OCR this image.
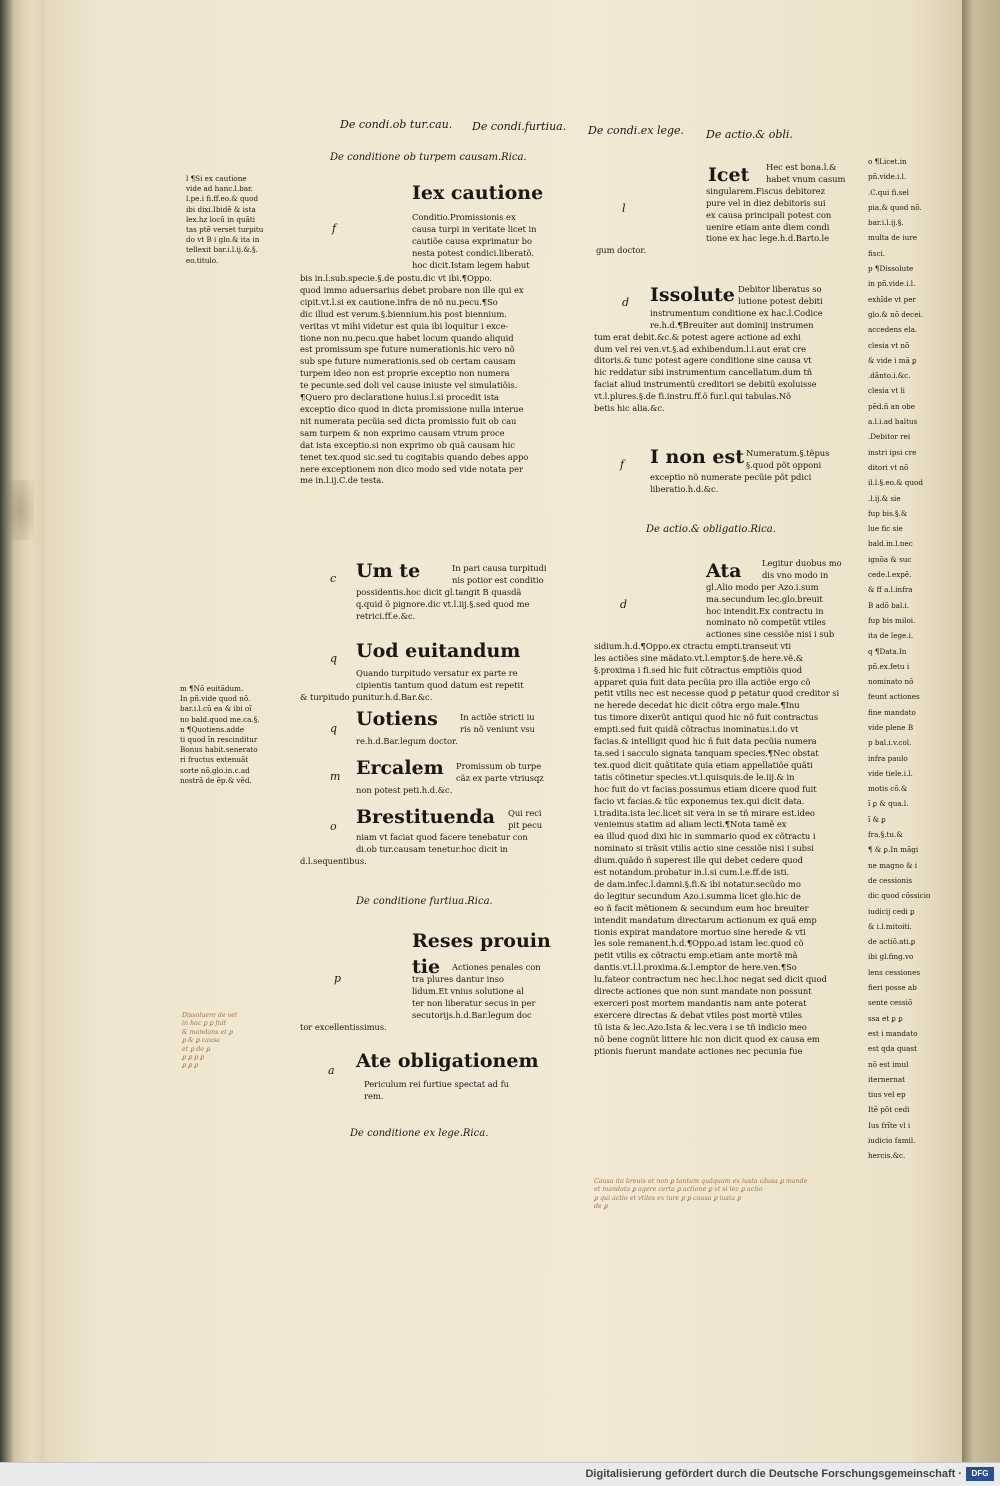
De condi.ob tur.cau. De condi.furtiua. De condi.ex lege. De actio.& obli.

l ¶Si ex cautione

vide ad hanc.l.bar.

l.pe.i fi.ff.eo.& quod

ibi dixi.Ibidẽ & ista

lex.hz locũ in quãti

tas ptẽ verset turpitu

do vt B i glo.& ita in

tellexit bar.i.l.ij.&.§.

eo.titulo.

m ¶Nõ euitãdum.

In pñ.vide quod nõ.

bar.i.l.cũ ea & ibi oĩ

no bald.quod me.ca.§.

n ¶Quotiens.adde

ti quod ĩn rescinditur

Bonus habit.senerato

ri fructus extenuãt

sorte nõ.glo.in.c.ad

nostrã de ẽp.& vẽd.

Dissoluere de vel

in hac ꝑ ꝑ fuit

& mandans et ꝑ

ꝑ & ꝑ causa

et ꝑ de ꝑ

ꝑ ꝑ ꝑ ꝑ

ꝑ ꝑ ꝑ

De conditione ob turpem causam.Rica.
f
Iex cautione

Conditio.Promissionis ex

causa turpi in veritate licet in

cautiõe causa exprimatur bo

nesta potest condici.liberatõ.

hoc dicit.Istam legem habut

bis in.l.sub.specie.§.de postu.dic vt ibi.¶Oppo.

quod immo aduersarius debet probare non ille qui ex

cipit.vt.l.si ex cautione.infra de nõ nu.pecu.¶So

dic illud est verum.§.biennium.his post biennium.

veritas vt mihi videtur est quia ibi loquitur i exce-

tione non nu.pecu.que habet locum quando aliquid

est promissum spe future numerationis.hic vero nõ

sub spe future numerationis.sed ob certam causam

turpem ideo non est proprie exceptio non numera

te pecunie.sed doli vel cause iniuste vel simulatiõis.

¶Quero pro declaratione huius.l.si procedit ista

exceptio dico quod in dicta promissione nulla interue

nit numerata pecũia sed dicta promissio fuit ob cau

sam turpem & non exprimo causam vtrum proce

dat ista exceptio.si non exprimo ob quã causam hic

tenet tex.quod sic.sed tu cogitabis quando debes appo

nere exceptionem non dico modo sed vide notata per

me in.l.ij.C.de testa.

c Um te	In pari causa turpitudi

nis potior est conditio

possidentis.hoc dicit gl.tangit B quasdã

q.quid õ pignore.dic vt.l.iij.§.sed quod me

retrici.ff.e.&c.

q Uod euitandum

Quando turpitudo versatur ex parte re

cipientis tantum quod datum est repetit

& turpitudo punitur.h.d.Bar.&c.

q Uotiens	In actiõe stricti iu

ris nõ veniunt vsu

re.h.d.Bar.legum doctor.

m Ercalem	Promissum ob turpe

cãz ex parte vtriusqz

non potest peti.h.d.&c.

o Brestituenda	Qui reci

pit pecu

niam vt faciat quod facere tenebatur con

di.ob tur.causam tenetur.hoc dicit in

d.l.sequentibus.

De conditione furtiua.Rica.
p
Reses prouin
tie	Actiones penales con

tra plures dantur inso

lidum.Et vnius solutione al

ter non liberatur secus in per

secutorijs.h.d.Bar.legum doc

tor excellentissimus.

a Ate obligationem

Periculum rei furtiue spectat ad fu

rem.

De conditione ex lege.Rica.
l
Icet	Hec est bona.l.&

habet vnum casum

singularem.Fiscus debitorez

pure vel in diez debitoris sui

ex causa principali potest con

uenire etiam ante diem condi

tione ex hac lege.h.d.Barto.le

gum doctor.

d Issolute Debitor liberatus so

lutione potest debiti

instrumentum conditione ex hac.l.Codice

re.h.d.¶Breuiter aut dominij instrumen

tum erat debit.&c.& potest agere actione ad exhi

dum vel rei ven.vt.§.ad exhibendum.l.i.aut erat cre

ditoris.& tunc potest agere conditione sine causa vt

hic reddatur sibi instrumentum cancellatum.dum tñ

faciat aliud instrumentũ creditori se debitũ exoluisse

vt.l.plures.§.de fi.instru.ff.õ fur.l.qui tabulas.Nõ

betis hic alia.&c.

f I non est Numeratum.§.tẽpus

§.quod põt opponi

exceptio nõ numerate pecũie põt pdici

liberatio.h.d.&c.

De actio.& obligatio.Rica.
d
Ata	Legitur duobus mo

dis vno modo in

gl.Alio modo per Azo.i.sum

ma.secundum lec.glo.breuit

hoc intendit.Ex contractu in

nominato nõ competũt vtiles

actiones sine cessiõe nisi i sub

sidium.h.d.¶Oppo.ex ctractu empti.transeut vti

les actiões sine mãdato.vt.l.emptor.§.de here.vẽ.&

§.proxima i fi.sed hic fuit cõtractus emptiõis quod

apparet quia fuit data pecũia pro illa actiõe ergo cõ

petit vtilis nec est necesse quod ꝑ petatur quod creditor si

ne herede decedat hic dicit cõtra ergo male.¶Inu

tus timore dixerũt antiqui quod hic nõ fuit contractus

empti.sed fuit quidã cõtractus inominatus.i.do vt

facias.& intelligit quod hic ñ fuit data pecũia numera

ta.sed i sacculo signata tanquam species.¶Nec obstat

tex.quod dicit quãtitate quia etiam appellatiõe quãti

tatis cõtinetur species.vt.l.quisquis.de le.iij.& in

hoc fuit do vt facias.possumus etiam dicere quod fuit

facio vt facias.& tũc exponemus tex.qui dicit data.

i.tradita.ista lec.licet sit vera in se tñ mirare est.ideo

veniemus statim ad aliam lecti.¶Nota tamẽ ex

ea illud quod dixi hic in summario quod ex cõtractu i

nominato si trãsit vtilis actio sine cessiõe nisi i subsi

dium.quãdo ñ superest ille qui debet cedere quod

est notandum.probatur in.l.si cum.l.e.ff.de isti.

de dam.infec.l.damni.§.fi.& ibi notatur.secũdo mo

do legitur secundum Azo.i.summa licet glo.hic de

eo ñ facit mẽtionem & secundum eum hoc breuiter

intendit mandatum directarum actionum ex quã emp

tionis expirat mandatore mortuo sine herede & vti

les sole remanent.h.d.¶Oppo.ad istam lec.quod cõ

petit vtilis ex cõtractu emp.etiam ante mortẽ mã

dantis.vt.l.l.proxima.&.l.emptor de here.ven.¶So

lu.fateor contractum nec hec.l.hoc negat sed dicit quod

directe actiones que non sunt mandate non possunt

exerceri post mortem mandantis nam ante poterat

exercere directas & debat vtiles post mortẽ vtiles

tũ ista & lec.Azo.Ista & lec.vera i se tñ indicio meo

nõ bene cognũt littere hic non dicit quod ex causa em

ptionis fuerunt mandate actiones nec pecunia fue

Causa ita breuis et non ꝑ tantum quãquam ex iusta cãusa ꝑ mande

et mandata ꝑ agere certa ꝑ actione ꝑ vt si lec ꝑ actio

ꝑ qui actio et vtiles ex iure ꝑ ꝑ causa ꝑ iusta ꝑ

de ꝑ

o ¶Licet.in

pñ.vide.i.l.

.C.qui fi.sel

pia.& quod nõ.

bar.i.l.ij.§.

multa de iure

fisci.

p ¶Dissolute

in pñ.vide.i.l.

exhĩde vt per

glo.& nõ decei.

accedens ela.

clesia vt nõ

& vide i mã ꝑ

.dãnto.i.&c.

clesia vt li

pẽd.ñ an obe

a.l.i.ad baltus

.Debitor rei

instri ipsi cre

ditori vt nõ

il.l.§.eo.& quod

.l.ij.& sie

fup bis.§.&

lue fic sie

bald.in.l.nec

ignõa & suc

cede.l.expẽ.

& ff a.l.infra

B adõ bal.i.

fup bis miloi.

ita de lege.i.

q ¶Data.In

pñ.ex.fetu i

nominato nõ

feunt actiones

fine mandato

vide plene B

p bal.i.v.col.

infra paulo

vide tiele.i.l.

motis cõ.&

ĩ ꝑ & qua.l.

ĩ & ꝑ

fra.§.tu.&

¶ & ꝑ.In mãgi

ne magno & i

de cessionis

dic quod cõssicio

iudicij cedi ꝑ

& i.l.mitoiti.

de actiõ.ati.ꝑ

ibi gl.fing.vo

lens cessiones

fieri posse ab

sente cessiõ

ssa et ꝑ ꝑ

est i mandato

est qda quast

nõ est imul

iternernat

tius vel ep

Itẽ põt cedi

Ius frĩte vl i

iudicio famil.

hercis.&c.

Digitalisierung gefördert durch die Deutsche Forschungsgemeinschaft ·	DFG
